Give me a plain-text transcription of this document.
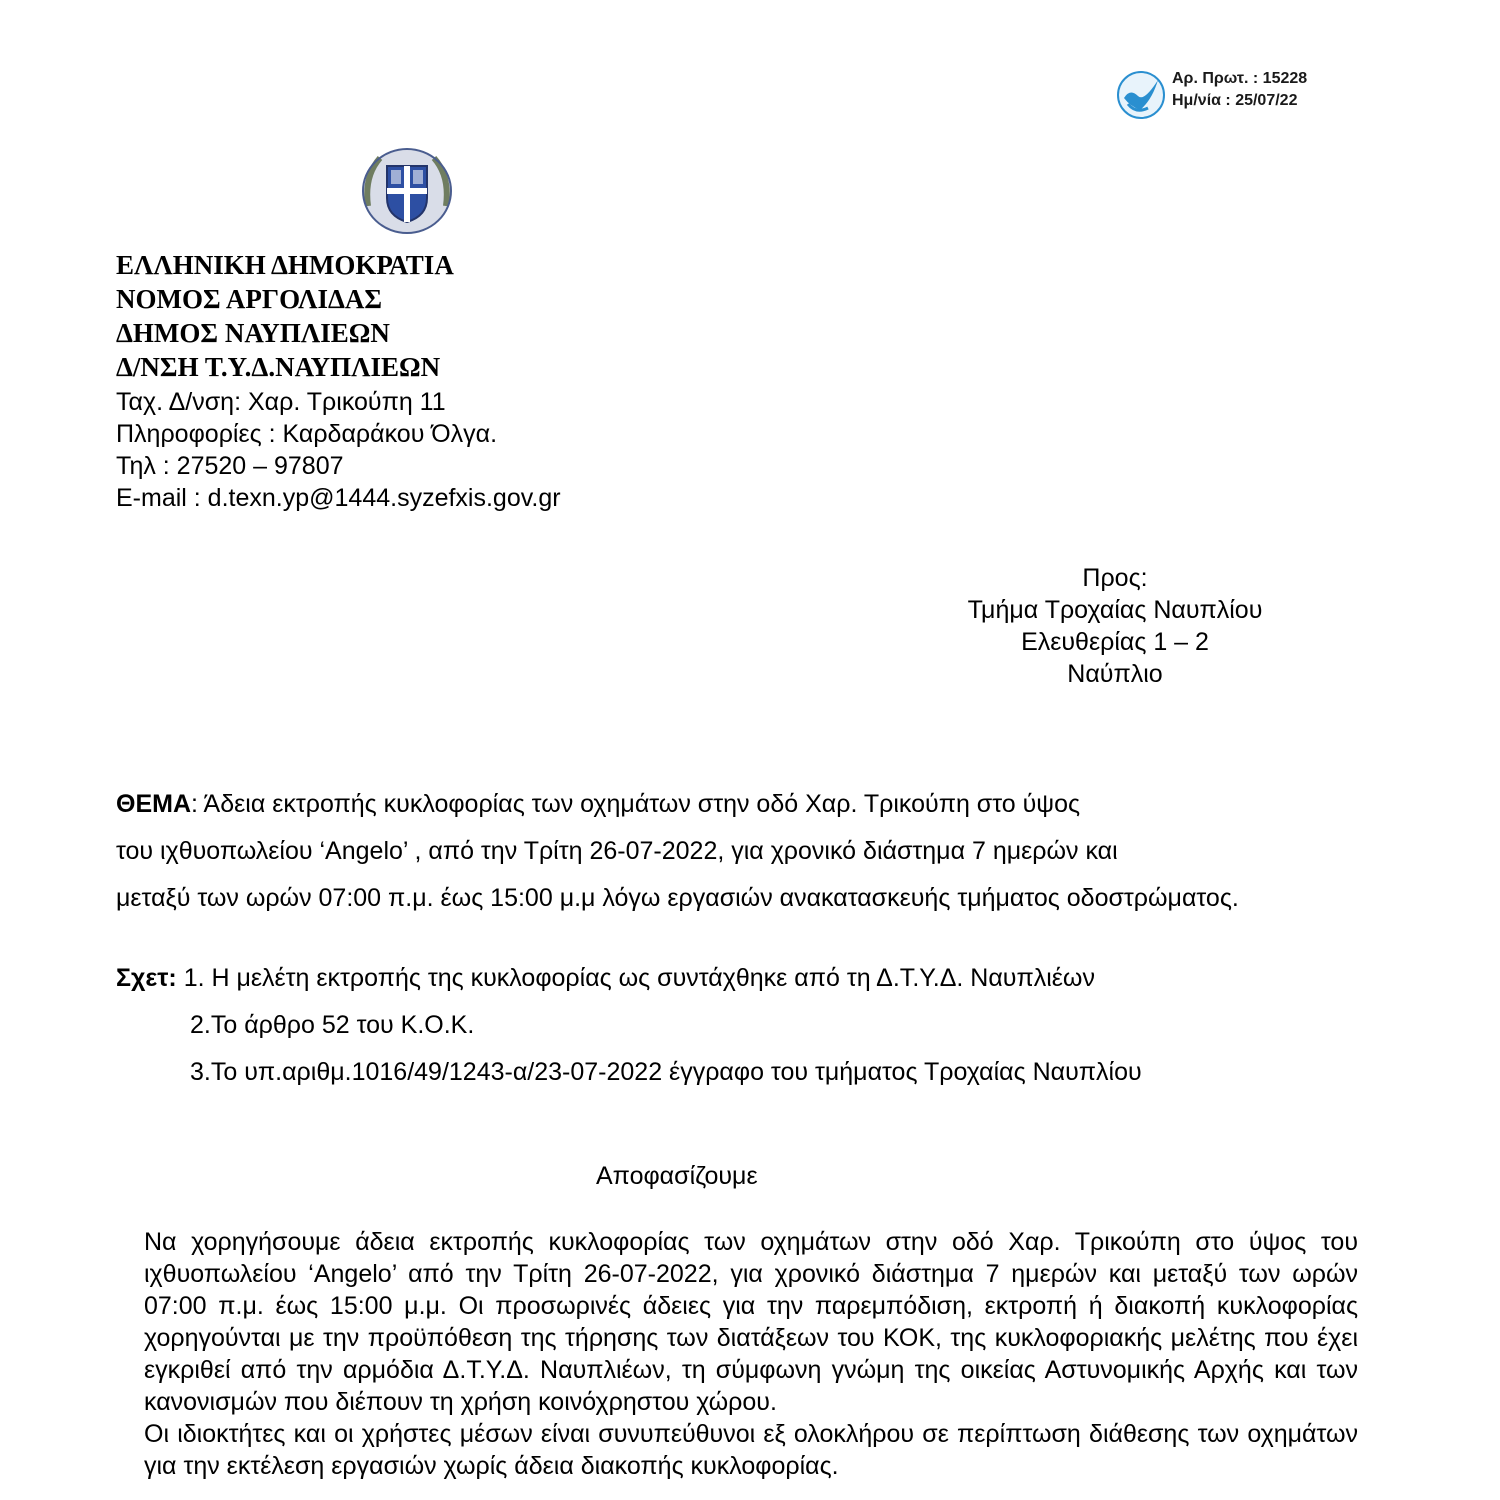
Αρ. Πρωτ. : 15228
Ημ/νία : 25/07/22
ΕΛΛΗΝΙΚΗ ΔΗΜΟΚΡΑΤΙΑ
ΝΟΜΟΣ ΑΡΓΟΛΙΔΑΣ
ΔΗΜΟΣ ΝΑΥΠΛΙΕΩΝ
Δ/ΝΣΗ Τ.Υ.Δ.ΝΑΥΠΛΙΕΩΝ
Ταχ. Δ/νση: Χαρ. Τρικούπη 11
Πληροφορίες : Καρδαράκου Όλγα.
Τηλ : 27520 – 97807
E-mail : d.texn.yp@1444.syzefxis.gov.gr
Προς:
Τμήμα Τροχαίας Ναυπλίου
Ελευθερίας 1 – 2
Ναύπλιο
ΘΕΜΑ: Άδεια εκτροπής κυκλοφορίας των οχημάτων στην οδό Χαρ. Τρικούπη στο ύψος
του ιχθυοπωλείου ‘Angelo’ , από την Τρίτη 26-07-2022, για χρονικό διάστημα 7 ημερών και
μεταξύ των ωρών 07:00 π.μ. έως 15:00 μ.μ λόγω εργασιών ανακατασκευής τμήματος οδοστρώματος.
Σχετ: 1. Η μελέτη εκτροπής της κυκλοφορίας ως συντάχθηκε από τη Δ.Τ.Υ.Δ. Ναυπλιέων
2.Το άρθρο 52 του Κ.Ο.Κ.
3.Το υπ.αριθμ.1016/49/1243-α/23-07-2022 έγγραφο του τμήματος Τροχαίας Ναυπλίου
Αποφασίζουμε

Να χορηγήσουμε άδεια εκτροπής κυκλοφορίας των οχημάτων στην οδό Χαρ. Τρικούπη στο ύψος του ιχθυοπωλείου ‘Angelo’ από την Τρίτη 26-07-2022, για χρονικό διάστημα 7 ημερών και μεταξύ των ωρών 07:00 π.μ. έως 15:00 μ.μ. Οι προσωρινές άδειες για την παρεμπόδιση, εκτροπή ή διακοπή κυκλοφορίας χορηγούνται με την προϋπόθεση της τήρησης των διατάξεων του ΚΟΚ, της κυκλοφοριακής μελέτης που έχει εγκριθεί από την αρμόδια Δ.Τ.Υ.Δ. Ναυπλιέων, τη σύμφωνη γνώμη της οικείας Αστυνομικής Αρχής και των κανονισμών που διέπουν τη χρήση κοινόχρηστου χώρου.

Οι ιδιοκτήτες και οι χρήστες μέσων είναι συνυπεύθυνοι εξ ολοκλήρου σε περίπτωση διάθεσης των οχημάτων για την εκτέλεση εργασιών χωρίς άδεια διακοπής κυκλοφορίας.
